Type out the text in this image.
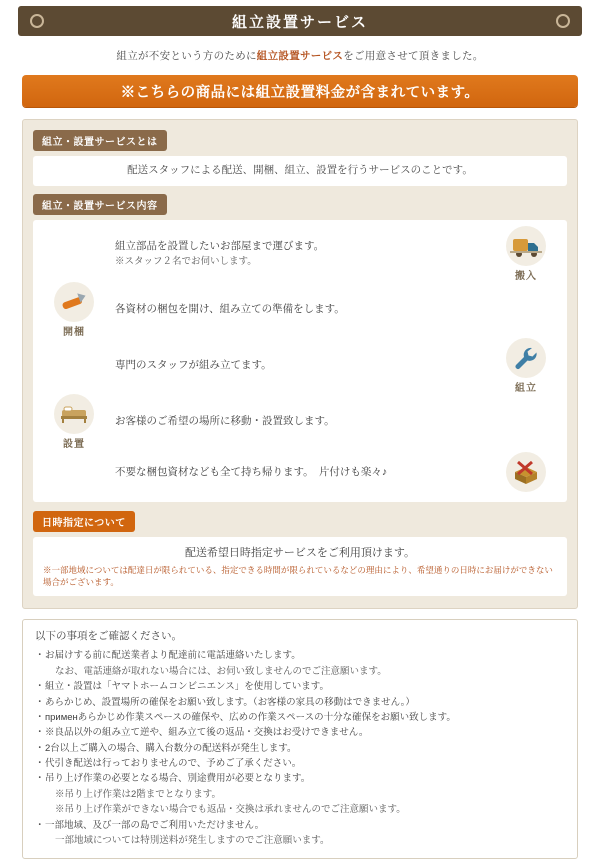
組立設置サービス
組立が不安という方のために組立設置サービスをご用意させて頂きました。
※こちらの商品には組立設置料金が含まれています。
組立・設置サービスとは
配送スタッフによる配送、開梱、組立、設置を行うサービスのことです。
組立・設置サービス内容
組立部品を設置したいお部屋まで運びます。
※スタッフ２名でお伺いします。
搬入
開梱
各資材の梱包を開け、組み立ての準備をします。
専門のスタッフが組み立てます。
組立
設置
お客様のご希望の場所に移動・設置致します。
不要な梱包資材なども全て持ち帰ります。　片付けも楽々♪
日時指定について
配送希望日時指定サービスをご利用頂けます。
※一部地域については配達日が限られている、指定できる時間が限られているなどの理由により、希望通りの日時にお届けができない場合がございます。
以下の事項をご確認ください。
・ お届けする前に配送業者より配達前に電話連絡いたします。
なお、電話連絡が取れない場合には、お伺い致しませんのでご注意願います。
・ 組立・設置は「ヤマトホームコンビニエンス」を使用しています。
・ あらかじめ、設置場所の確保をお願い致します。（お客様の家具の移動はできません。）
・ применあらかじめ作業スペースの確保や、広めの作業スペースの十分な確保をお願い致します。
・ ※良品以外の組み立て逆や、組み立て後の返品・交換はお受けできません。
・ 2台以上ご購入の場合、購入台数分の配送料が発生します。
・ 代引き配送は行っておりませんので、予めご了承ください。
・ 吊り上げ作業の必要となる場合、別途費用が必要となります。
※吊り上げ作業は2階までとなります。
※吊り上げ作業ができない場合でも返品・交換は承れませんのでご注意願います。
・ 一部地域、及び一部の島でご利用いただけません。
一部地域については特別送料が発生しますのでご注意願います。
